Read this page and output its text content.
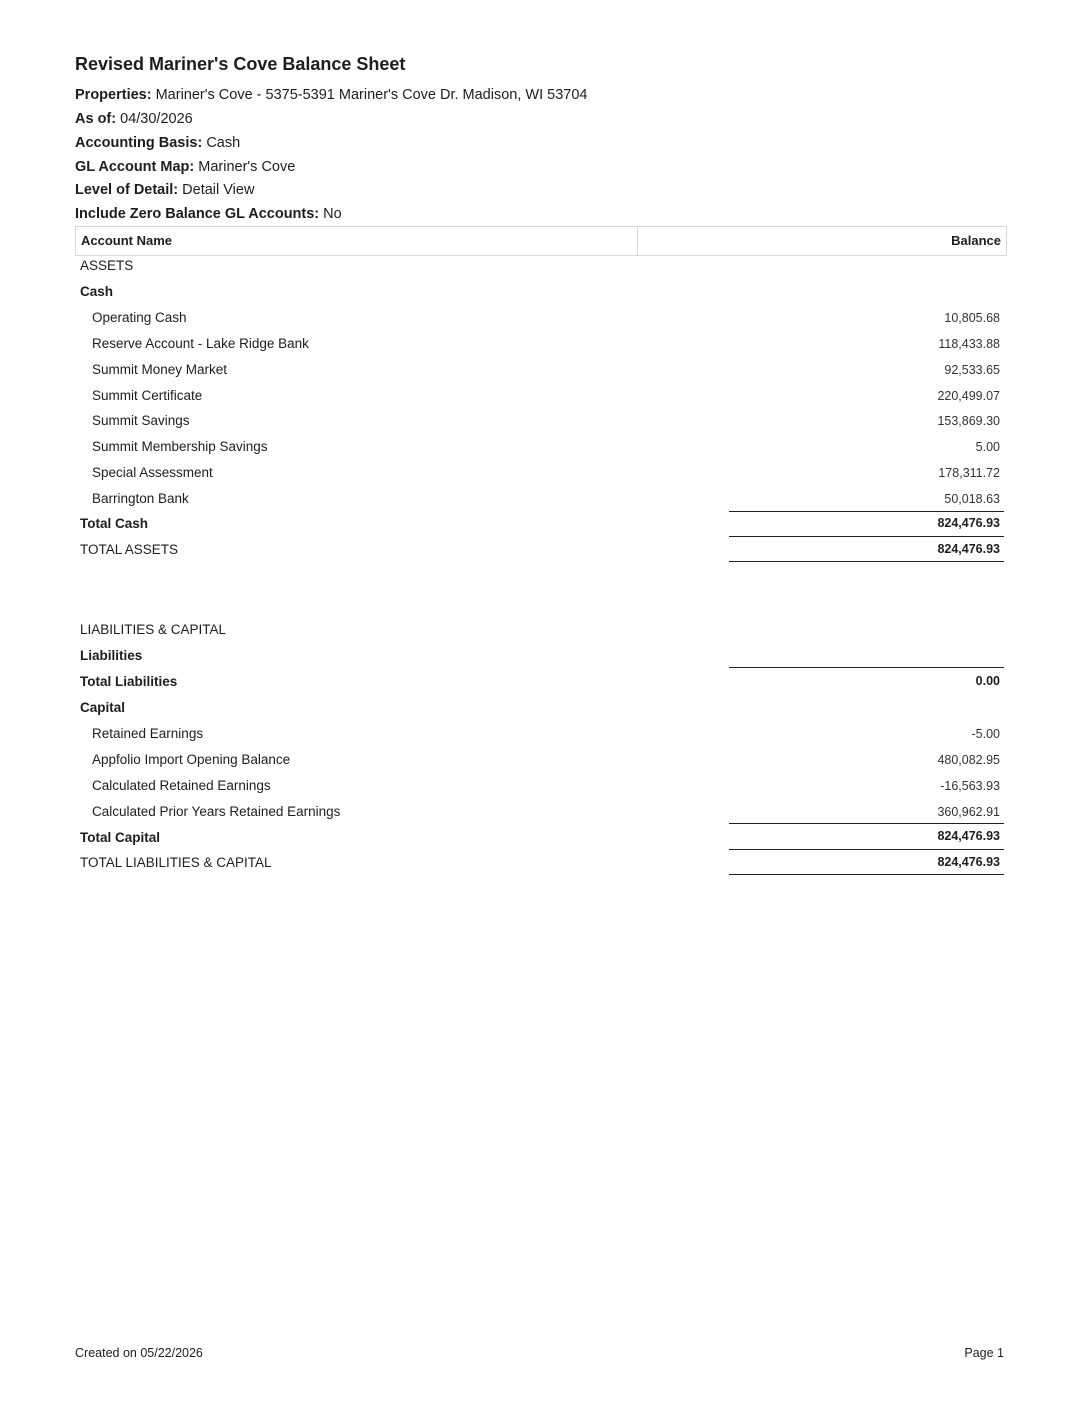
Revised Mariner's Cove Balance Sheet
Properties: Mariner's Cove - 5375-5391 Mariner's Cove Dr. Madison, WI 53704
As of: 04/30/2026
Accounting Basis: Cash
GL Account Map: Mariner's Cove
Level of Detail: Detail View
Include Zero Balance GL Accounts: No
Account Name	Balance
ASSETS
Cash
Operating Cash	10,805.68
Reserve Account - Lake Ridge Bank	118,433.88
Summit Money Market	92,533.65
Summit Certificate	220,499.07
Summit Savings	153,869.30
Summit Membership Savings	5.00
Special Assessment	178,311.72
Barrington Bank	50,018.63
Total Cash	824,476.93
TOTAL ASSETS	824,476.93
LIABILITIES & CAPITAL
Liabilities
Total Liabilities	0.00
Capital
Retained Earnings	-5.00
Appfolio Import Opening Balance	480,082.95
Calculated Retained Earnings	-16,563.93
Calculated Prior Years Retained Earnings	360,962.91
Total Capital	824,476.93
TOTAL LIABILITIES & CAPITAL	824,476.93
Created on 05/22/2026	Page 1
